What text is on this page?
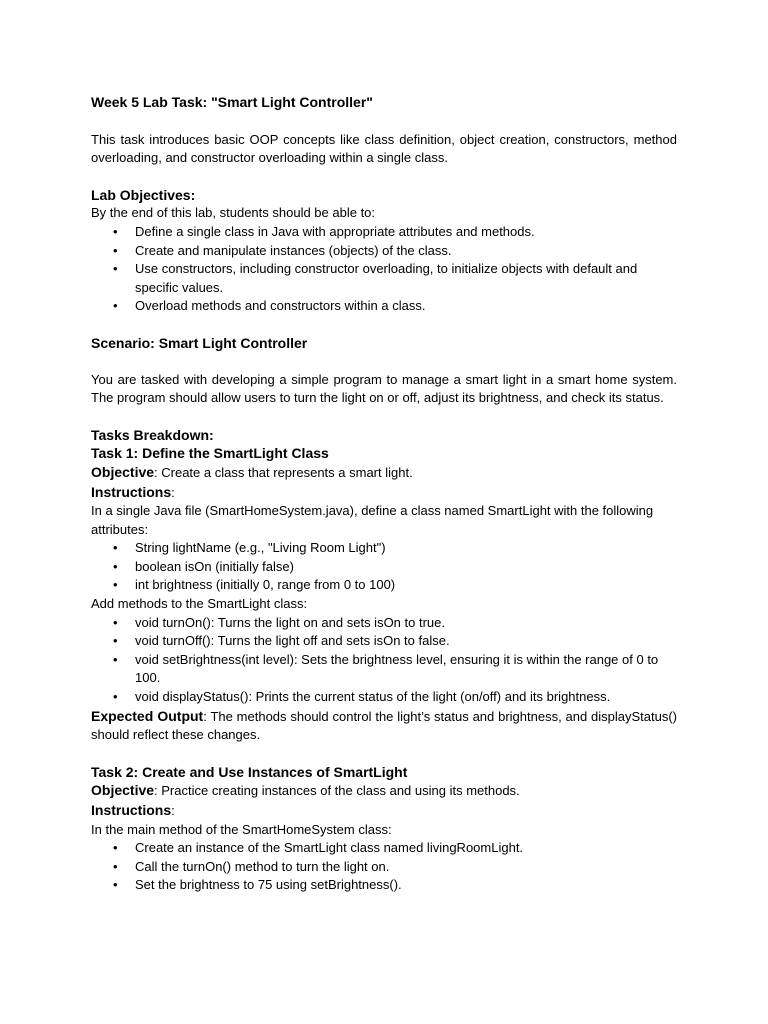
Week 5 Lab Task: "Smart Light Controller"

This task introduces basic OOP concepts like class definition, object creation, constructors, method overloading, and constructor overloading within a single class.

Lab Objectives:

By the end of this lab, students should be able to:

• Define a single class in Java with appropriate attributes and methods.
• Create and manipulate instances (objects) of the class.
• Use constructors, including constructor overloading, to initialize objects with default and specific values.
• Overload methods and constructors within a class.

Scenario: Smart Light Controller

You are tasked with developing a simple program to manage a smart light in a smart home system. The program should allow users to turn the light on or off, adjust its brightness, and check its status.

Tasks Breakdown:

Task 1: Define the SmartLight Class

Objective: Create a class that represents a smart light.

Instructions:

In a single Java file (SmartHomeSystem.java), define a class named SmartLight with the following attributes:

• String lightName (e.g., "Living Room Light")
• boolean isOn (initially false)
• int brightness (initially 0, range from 0 to 100)

Add methods to the SmartLight class:

• void turnOn(): Turns the light on and sets isOn to true.
• void turnOff(): Turns the light off and sets isOn to false.
• void setBrightness(int level): Sets the brightness level, ensuring it is within the range of 0 to 100.
• void displayStatus(): Prints the current status of the light (on/off) and its brightness.

Expected Output: The methods should control the light’s status and brightness, and displayStatus() should reflect these changes.

Task 2: Create and Use Instances of SmartLight

Objective: Practice creating instances of the class and using its methods.

Instructions:

In the main method of the SmartHomeSystem class:

• Create an instance of the SmartLight class named livingRoomLight.
• Call the turnOn() method to turn the light on.
• Set the brightness to 75 using setBrightness().
